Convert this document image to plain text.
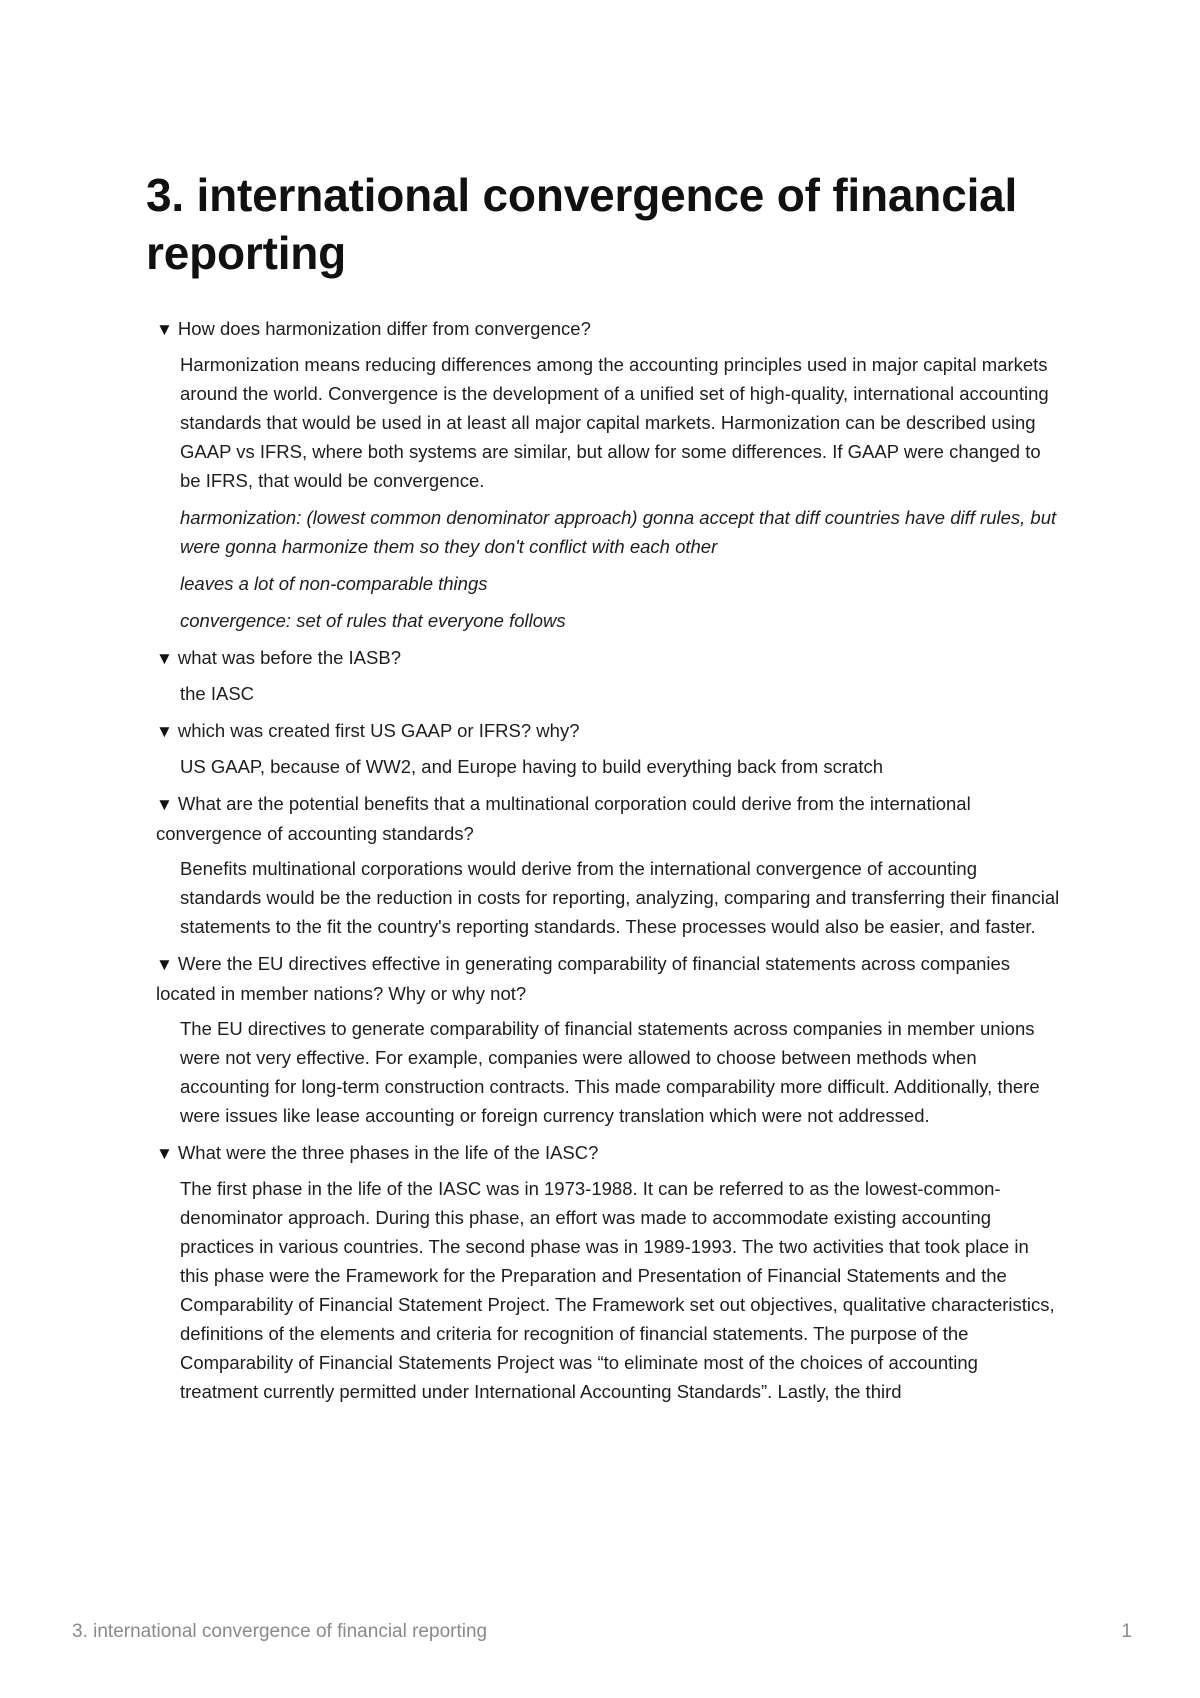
3. international convergence of financial reporting
▼ How does harmonization differ from convergence?

Harmonization means reducing differences among the accounting principles used in major capital markets around the world. Convergence is the development of a unified set of high-quality, international accounting standards that would be used in at least all major capital markets. Harmonization can be described using GAAP vs IFRS, where both systems are similar, but allow for some differences. If GAAP were changed to be IFRS, that would be convergence.

harmonization: (lowest common denominator approach) gonna accept that diff countries have diff rules, but were gonna harmonize them so they don't conflict with each other

leaves a lot of non-comparable things

convergence: set of rules that everyone follows

▼ what was before the IASB?

the IASC

▼ which was created first US GAAP or IFRS? why?

US GAAP, because of WW2, and Europe having to build everything back from scratch

▼ What are the potential benefits that a multinational corporation could derive from the international convergence of accounting standards?

Benefits multinational corporations would derive from the international convergence of accounting standards would be the reduction in costs for reporting, analyzing, comparing and transferring their financial statements to the fit the country's reporting standards. These processes would also be easier, and faster.

▼ Were the EU directives effective in generating comparability of financial statements across companies located in member nations? Why or why not?

The EU directives to generate comparability of financial statements across companies in member unions were not very effective. For example, companies were allowed to choose between methods when accounting for long-term construction contracts. This made comparability more difficult. Additionally, there were issues like lease accounting or foreign currency translation which were not addressed.

▼ What were the three phases in the life of the IASC?

The first phase in the life of the IASC was in 1973-1988. It can be referred to as the lowest-common-denominator approach. During this phase, an effort was made to accommodate existing accounting practices in various countries. The second phase was in 1989-1993. The two activities that took place in this phase were the Framework for the Preparation and Presentation of Financial Statements and the Comparability of Financial Statement Project. The Framework set out objectives, qualitative characteristics, definitions of the elements and criteria for recognition of financial statements. The purpose of the Comparability of Financial Statements Project was “to eliminate most of the choices of accounting treatment currently permitted under International Accounting Standards”. Lastly, the third

3. international convergence of financial reporting	1
